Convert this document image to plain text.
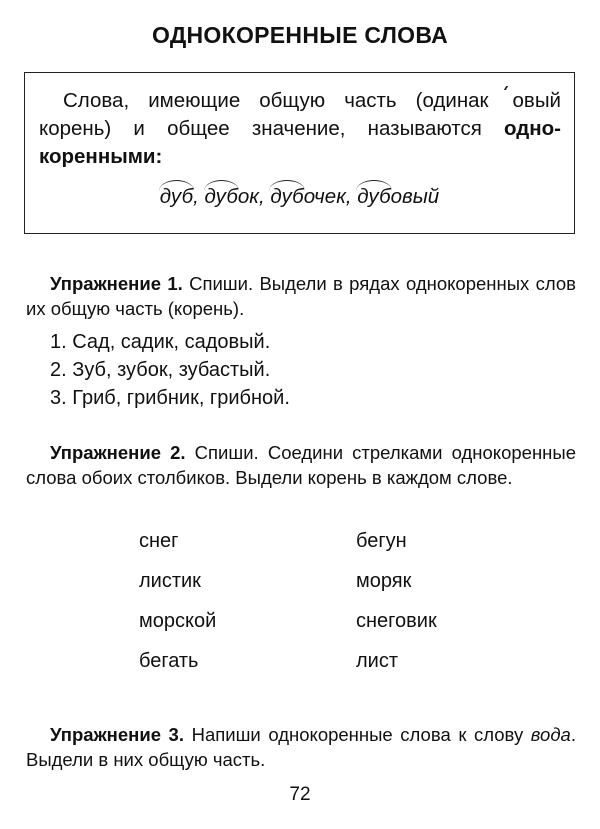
ОДНОКОРЕННЫЕ СЛОВА
Слова, имеющие общую часть (одинак овый корень) и общее значение, называются одно-коренными:
дуб, дубок, дубочек, дубовый
Упражнение 1. Спиши. Выдели в рядах однокоренных слов их общую часть (корень).
1. Сад, садик, садовый.
2. Зуб, зубок, зубастый.
3. Гриб, грибник, грибной.
Упражнение 2. Спиши. Соедини стрелками однокоренные слова обоих столбиков. Выдели корень в каждом слове.
снег
листик
морской
бегать
бегун
моряк
снеговик
лист
Упражнение 3. Напиши однокоренные слова к слову вода. Выдели в них общую часть.
72
